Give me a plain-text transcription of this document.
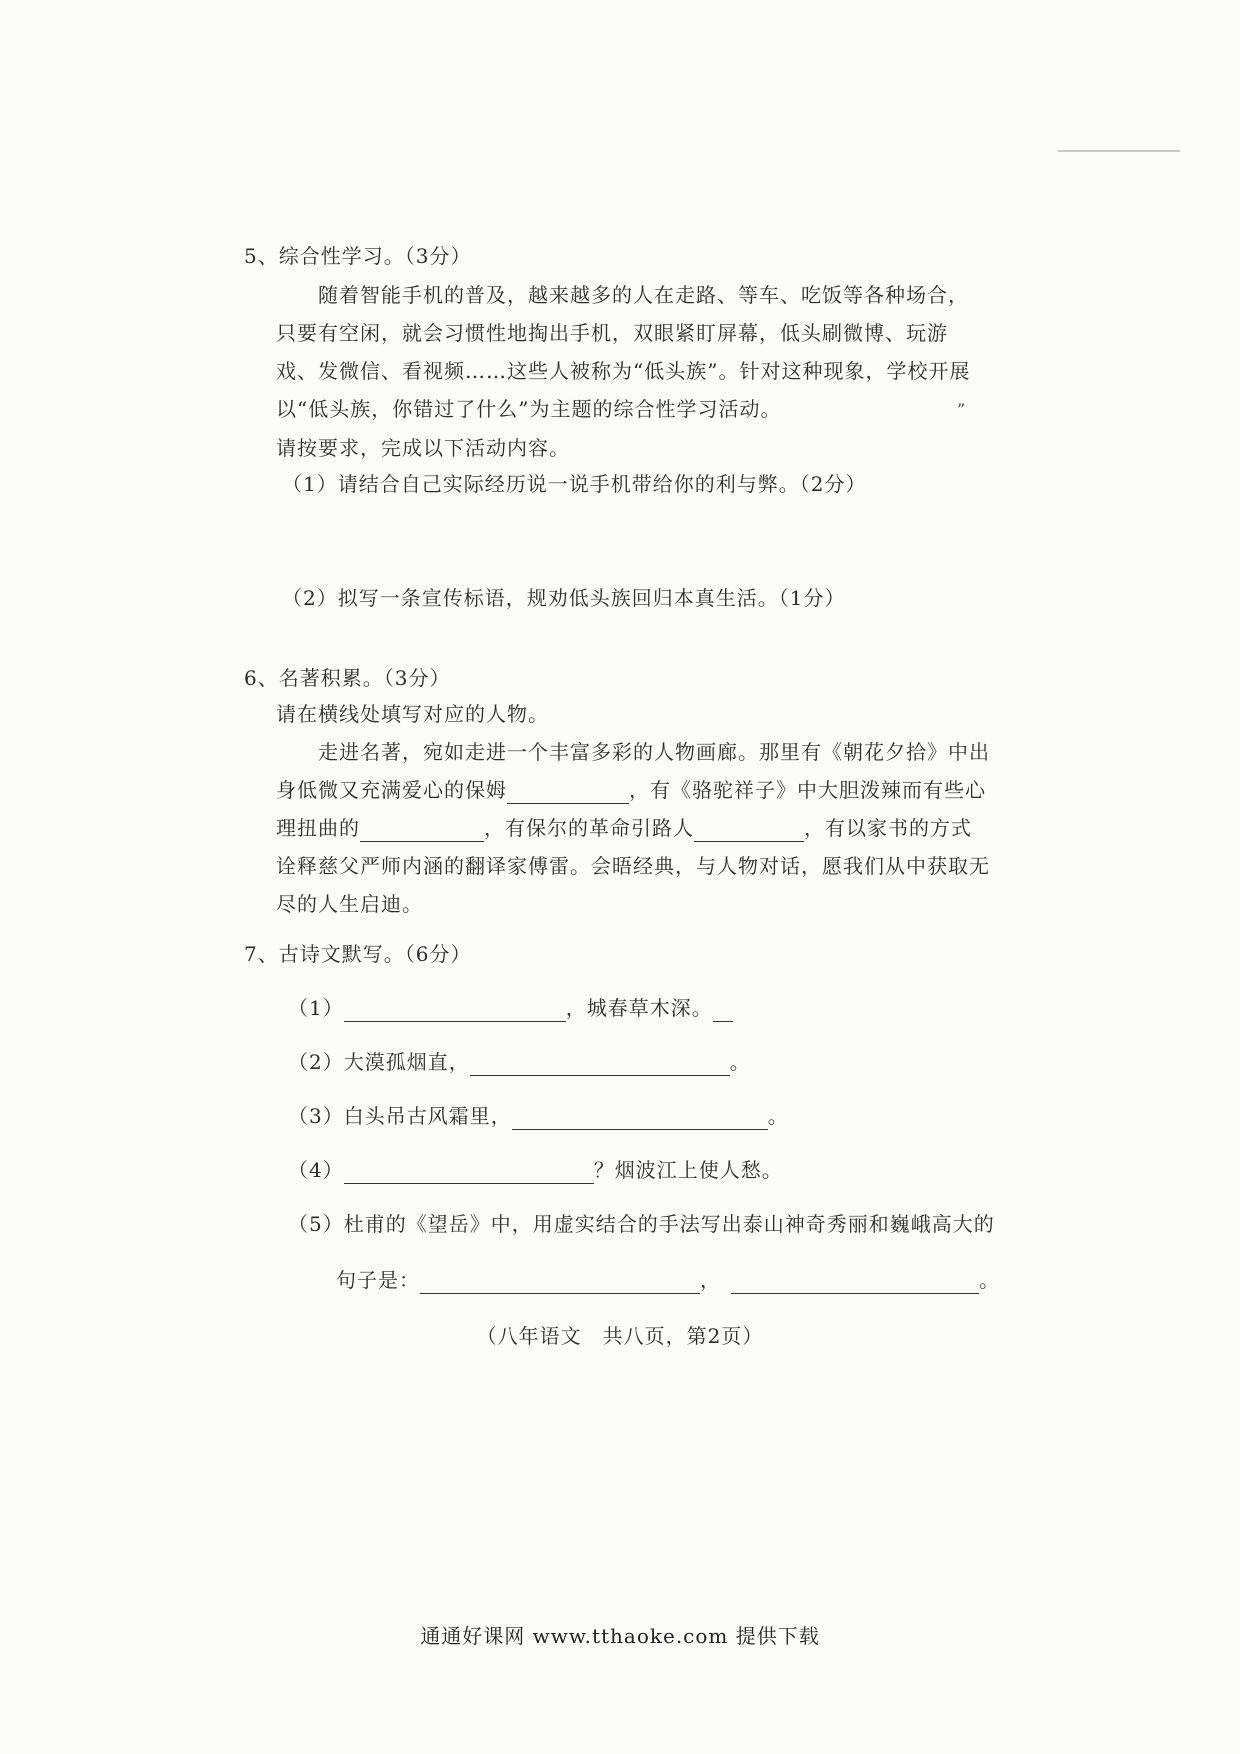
5、综合性学习。（3分）
随着智能手机的普及，越来越多的人在走路、等车、吃饭等各种场合，只要有空闲，就会习惯性地掏出手机，双眼紧盯屏幕，低头刷微博、玩游戏、发微信、看视频……这些人被称为“低头族”。针对这种现象，学校开展以“低头族，你错过了什么”为主题的综合性学习活动。	”
请按要求，完成以下活动内容。
（1）请结合自己实际经历说一说手机带给你的利与弊。（2分）
（2）拟写一条宣传标语，规劝低头族回归本真生活。（1分）
6、名著积累。（3分）
请在横线处填写对应的人物。
走进名著，宛如走进一个丰富多彩的人物画廊。那里有《朝花夕拾》中出
身低微又充满爱心的保姆	，有《骆驼祥子》中大胆泼辣而有些心
理扭曲的	，有保尔的革命引路人	，有以家书的方式
诠释慈父严师内涵的翻译家傅雷。会晤经典，与人物对话，愿我们从中获取无
尽的人生启迪。
7、古诗文默写。（6分）
（1）	，城春草木深。
（2）大漠孤烟直，	。
（3）白头吊古风霜里，	。
（4）	？烟波江上使人愁。
（5）杜甫的《望岳》中，用虚实结合的手法写出泰山神奇秀丽和巍峨高大的
句子是：	，	。
（八年语文　共八页，第2页）
通通好课网 www.tthaoke.com 提供下载
